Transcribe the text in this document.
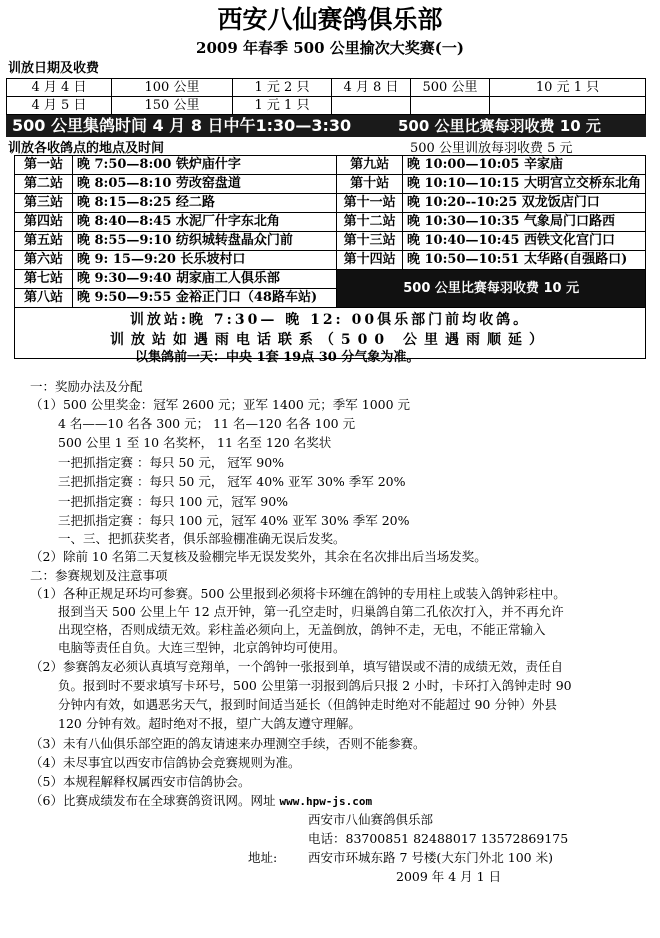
西安八仙赛鸽俱乐部
2009 年春季 500 公里揄次大奖赛(一)
训放日期及收费
4 月 4 日	100 公里	1 元 2 只	4 月 8 日	500 公里	10 元 1 只
4 月 5 日	150 公里	1 元 1 只			
500 公里集鸽时间 4 月 8 日中午1:30—3:30	500 公里比赛每羽收费 10 元
训放各收鸽点的地点及时间	500 公里训放每羽收费 5 元
第一站	晚 7:50—8:00 铁炉庙什字	第九站	晚 10:00—10:05 辛家庙
第二站	晚 8:05—8:10 劳改窑盘道	第十站	晚 10:10—10:15 大明宫立交桥东北角
第三站	晚 8:15—8:25 经二路	第十一站	晚 10:20--10:25 双龙饭店门口
第四站	晚 8:40—8:45 水泥厂什字东北角	第十二站	晚 10:30—10:35 气象局门口路西
第五站	晚 8:55—9:10 纺织城转盘晶众门前	第十三站	晚 10:40—10:45 西铁文化宫门口
第六站	晚 9: 15—9:20 长乐坡村口	第十四站	晚 10:50—10:51 太华路(自强路口)
第七站	晚 9:30—9:40 胡家庙工人俱乐部	500 公里比赛每羽收费 10 元	
第八站	晚 9:50—9:55 金裕正门口（48路车站)		
训放站:晚 7:30— 晚 12: 00俱乐部门前均收鸽。
训放站如遇雨电话联系（500 公里遇雨顺延）
以集鸽前一天：中央 1套 19点 30 分气象为准。
一：奖励办法及分配
（1）500 公里奖金：冠军 2600 元；亚军 1400 元；季军 1000 元
4 名——10 名各 300 元； 11 名—120 名各 100 元
500 公里 1 至 10 名奖杯， 11 名至 120 名奖状
一把抓指定赛 ：每只 50 元， 冠军 90%
三把抓指定赛 ：每只 50 元， 冠军 40% 亚军 30% 季军 20%
一把抓指定赛 ：每只 100 元，冠军 90%
三把抓指定赛 ：每只 100 元，冠军 40% 亚军 30% 季军 20%
一、三、把抓获奖者，俱乐部验棚准确无误后发奖。
（2）除前 10 名第二天复核及验棚完毕无误发奖外，其余在名次排出后当场发奖。
二：参赛规划及注意事项
（1）各种正规足环均可参赛。500 公里报到必须将卡环缠在鸽钟的专用柱上或装入鸽钟彩柱中。
报到当天 500 公里上午 12 点开钟，第一孔空走时，归巢鸽自第二孔依次打入，并不再允许
出现空格，否则成绩无效。彩柱盖必须向上，无盖倒放，鸽钟不走，无电，不能正常输入
电脑等责任自负。大连三型钟，北京鸽钟均可使用。
（2）参赛鸽友必须认真填写竞翔单，一个鸽钟一张报到单，填写错误或不清的成绩无效，责任自
负。报到时不要求填写卡环号，500 公里第一羽报到鸽后只报 2 小时，卡环打入鸽钟走时 90
分钟内有效，如遇恶劣天气，报到时间适当延长（但鸽钟走时绝对不能超过 90 分钟）外县
120 分钟有效。超时绝对不报，望广大鸽友遵守理解。
（3）未有八仙俱乐部空距的鸽友请速来办理测空手续，否则不能参赛。
（4）未尽事宜以西安市信鸽协会竞赛规则为准。
（5）本规程解释权属西安市信鸽协会。
（6）比赛成绩发布在全球赛鸽资讯网。网址 www.hpw-js.com
西安市八仙赛鸽俱乐部
电话：83700851 82488017 13572869175
地址: 西安市环城东路 7 号楼(大东门外北 100 米)
2009 年 4 月 1 日
